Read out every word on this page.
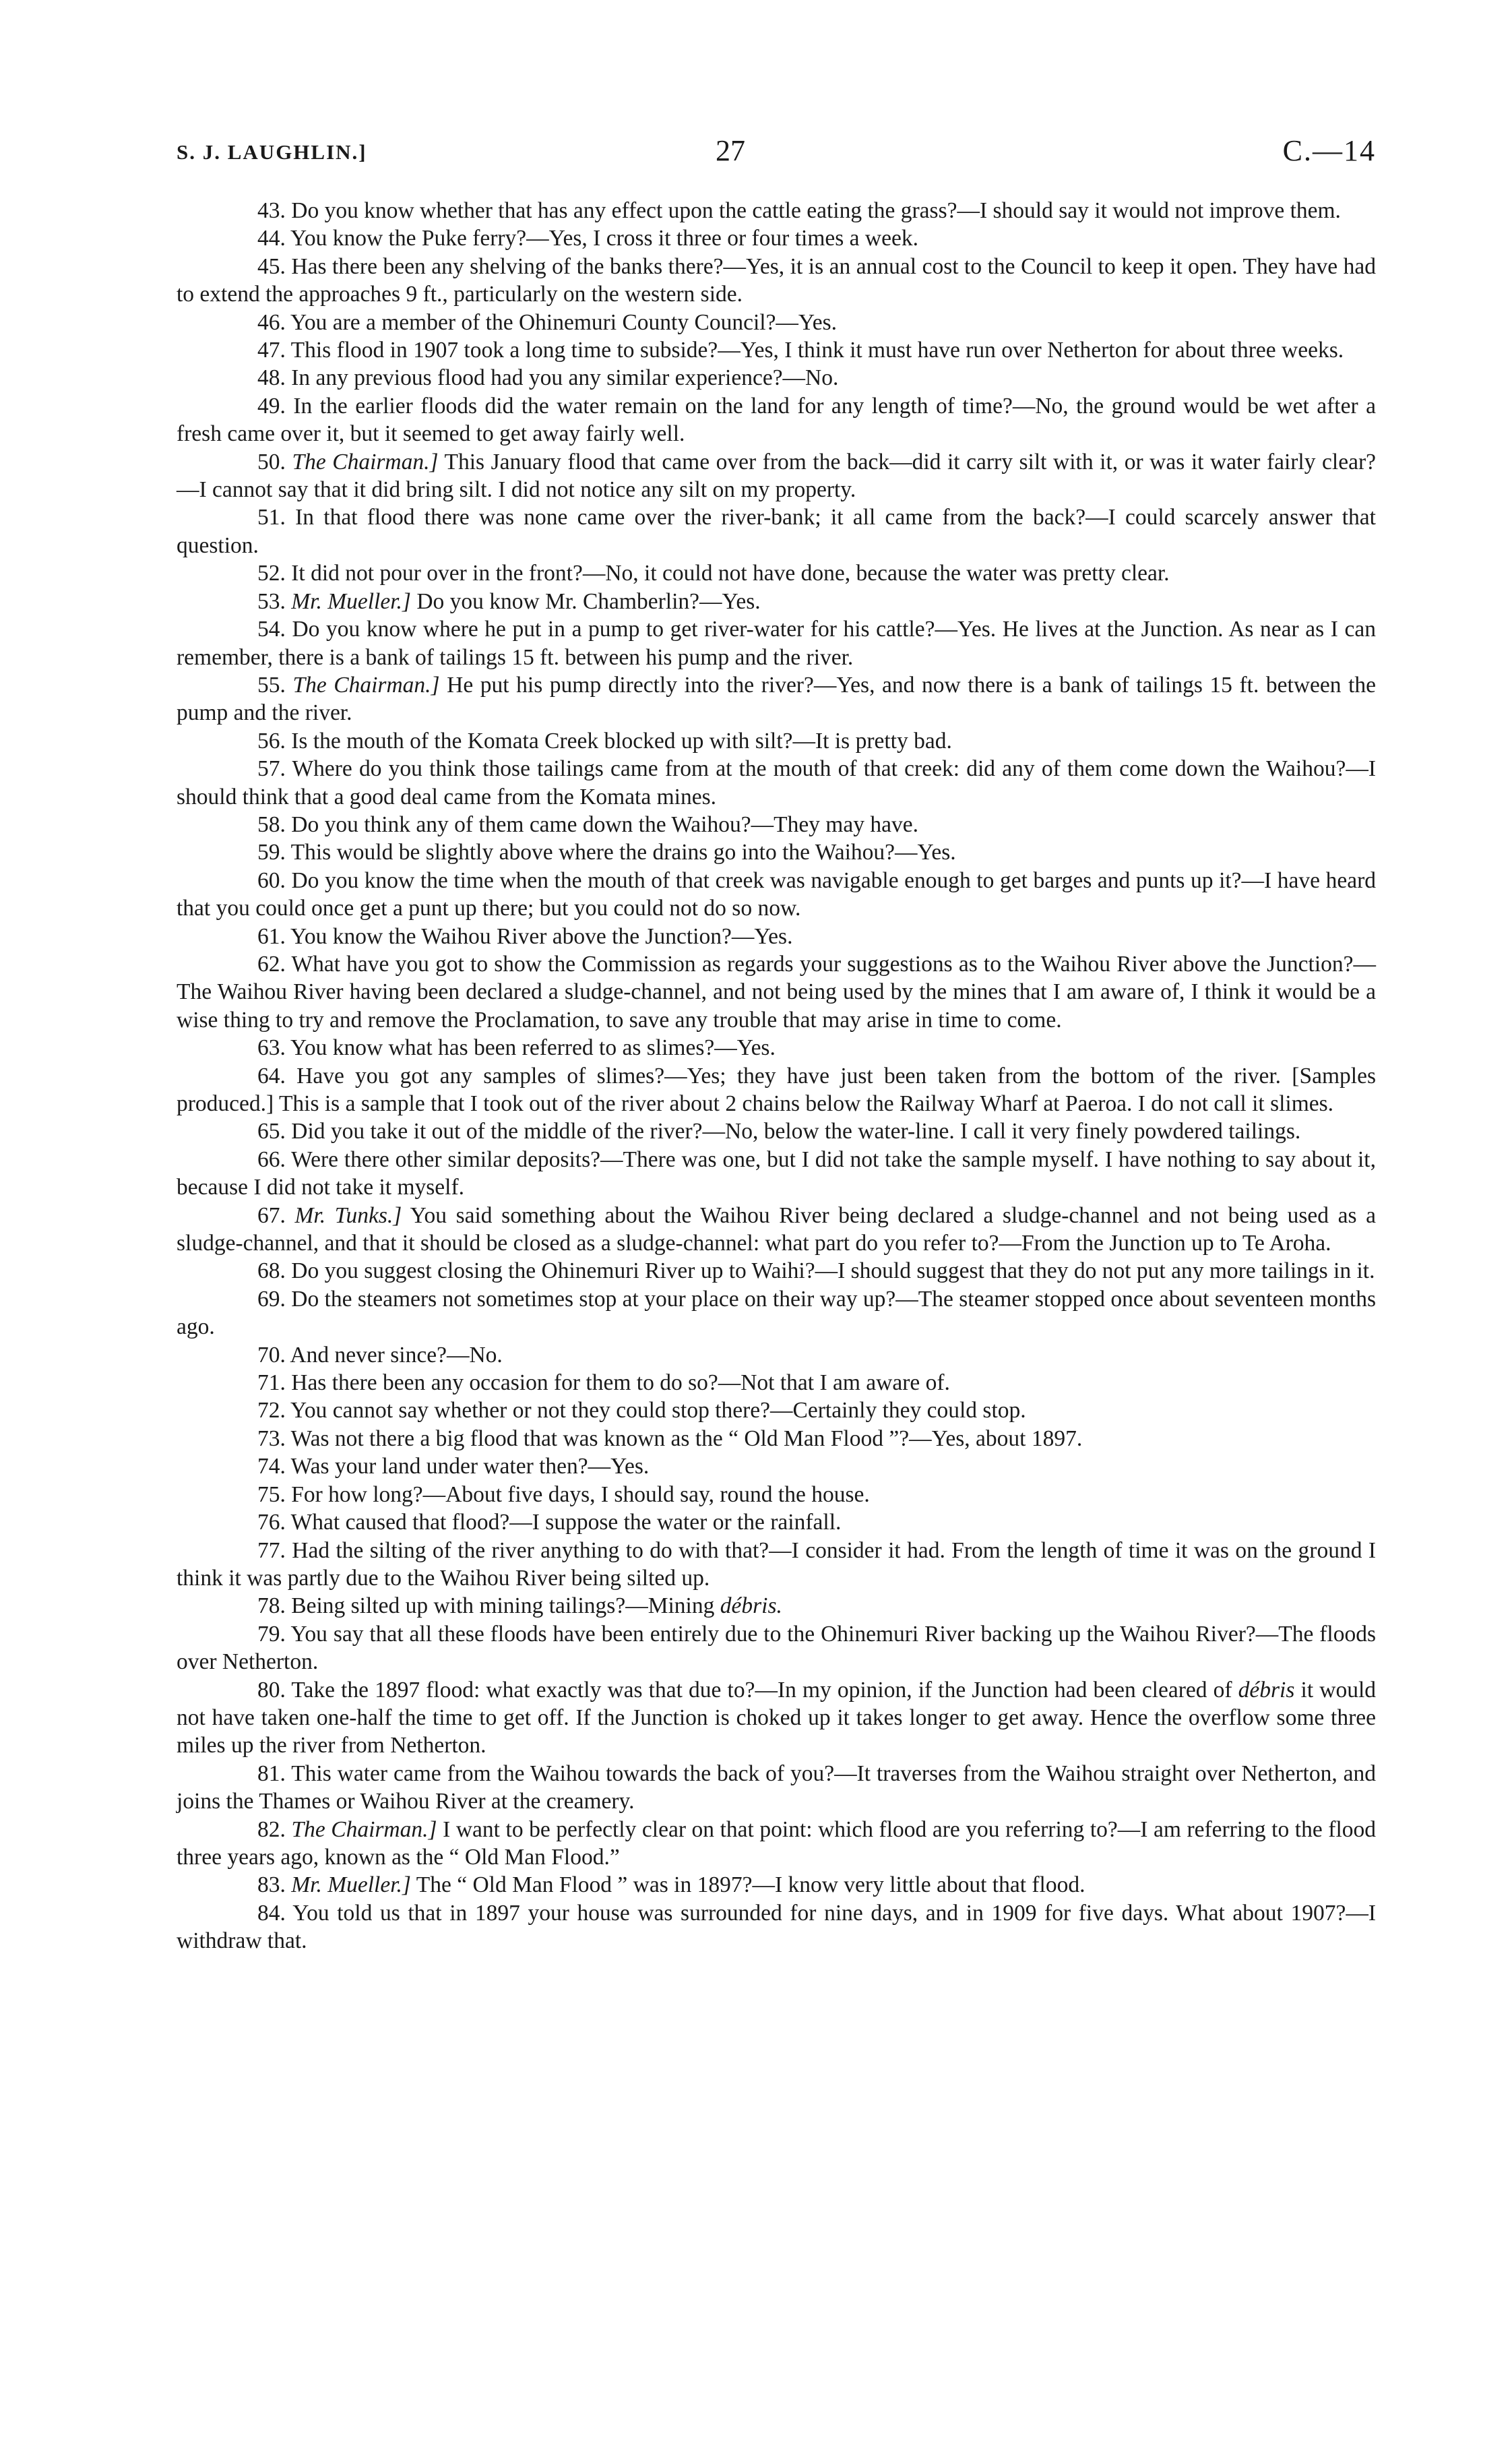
S. J. LAUGHLIN.]	27	C.—14

43. Do you know whether that has any effect upon the cattle eating the grass?—I should say it would not improve them.

44. You know the Puke ferry?—Yes, I cross it three or four times a week.

45. Has there been any shelving of the banks there?—Yes, it is an annual cost to the Council to keep it open. They have had to extend the approaches 9 ft., particularly on the western side.

46. You are a member of the Ohinemuri County Council?—Yes.

47. This flood in 1907 took a long time to subside?—Yes, I think it must have run over Netherton for about three weeks.

48. In any previous flood had you any similar experience?—No.

49. In the earlier floods did the water remain on the land for any length of time?—No, the ground would be wet after a fresh came over it, but it seemed to get away fairly well.

50. The Chairman.] This January flood that came over from the back—did it carry silt with it, or was it water fairly clear?—I cannot say that it did bring silt. I did not notice any silt on my property.

51. In that flood there was none came over the river-bank; it all came from the back?—I could scarcely answer that question.

52. It did not pour over in the front?—No, it could not have done, because the water was pretty clear.

53. Mr. Mueller.] Do you know Mr. Chamberlin?—Yes.

54. Do you know where he put in a pump to get river-water for his cattle?—Yes. He lives at the Junction. As near as I can remember, there is a bank of tailings 15 ft. between his pump and the river.

55. The Chairman.] He put his pump directly into the river?—Yes, and now there is a bank of tailings 15 ft. between the pump and the river.

56. Is the mouth of the Komata Creek blocked up with silt?—It is pretty bad.

57. Where do you think those tailings came from at the mouth of that creek: did any of them come down the Waihou?—I should think that a good deal came from the Komata mines.

58. Do you think any of them came down the Waihou?—They may have.

59. This would be slightly above where the drains go into the Waihou?—Yes.

60. Do you know the time when the mouth of that creek was navigable enough to get barges and punts up it?—I have heard that you could once get a punt up there; but you could not do so now.

61. You know the Waihou River above the Junction?—Yes.

62. What have you got to show the Commission as regards your suggestions as to the Waihou River above the Junction?—The Waihou River having been declared a sludge-channel, and not being used by the mines that I am aware of, I think it would be a wise thing to try and remove the Proclamation, to save any trouble that may arise in time to come.

63. You know what has been referred to as slimes?—Yes.

64. Have you got any samples of slimes?—Yes; they have just been taken from the bottom of the river. [Samples produced.] This is a sample that I took out of the river about 2 chains below the Railway Wharf at Paeroa. I do not call it slimes.

65. Did you take it out of the middle of the river?—No, below the water-line. I call it very finely powdered tailings.

66. Were there other similar deposits?—There was one, but I did not take the sample myself. I have nothing to say about it, because I did not take it myself.

67. Mr. Tunks.] You said something about the Waihou River being declared a sludge-channel and not being used as a sludge-channel, and that it should be closed as a sludge-channel: what part do you refer to?—From the Junction up to Te Aroha.

68. Do you suggest closing the Ohinemuri River up to Waihi?—I should suggest that they do not put any more tailings in it.

69. Do the steamers not sometimes stop at your place on their way up?—The steamer stopped once about seventeen months ago.

70. And never since?—No.

71. Has there been any occasion for them to do so?—Not that I am aware of.

72. You cannot say whether or not they could stop there?—Certainly they could stop.

73. Was not there a big flood that was known as the “ Old Man Flood ”?—Yes, about 1897.

74. Was your land under water then?—Yes.

75. For how long?—About five days, I should say, round the house.

76. What caused that flood?—I suppose the water or the rainfall.

77. Had the silting of the river anything to do with that?—I consider it had. From the length of time it was on the ground I think it was partly due to the Waihou River being silted up.

78. Being silted up with mining tailings?—Mining débris.

79. You say that all these floods have been entirely due to the Ohinemuri River backing up the Waihou River?—The floods over Netherton.

80. Take the 1897 flood: what exactly was that due to?—In my opinion, if the Junction had been cleared of débris it would not have taken one-half the time to get off. If the Junction is choked up it takes longer to get away. Hence the overflow some three miles up the river from Netherton.

81. This water came from the Waihou towards the back of you?—It traverses from the Waihou straight over Netherton, and joins the Thames or Waihou River at the creamery.

82. The Chairman.] I want to be perfectly clear on that point: which flood are you referring to?—I am referring to the flood three years ago, known as the “ Old Man Flood.”

83. Mr. Mueller.] The “ Old Man Flood ” was in 1897?—I know very little about that flood.

84. You told us that in 1897 your house was surrounded for nine days, and in 1909 for five days. What about 1907?—I withdraw that.
